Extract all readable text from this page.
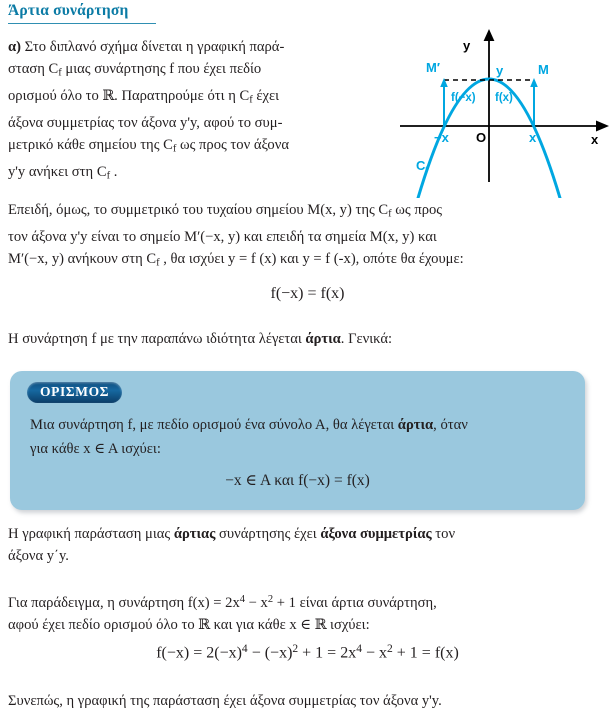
Άρτια συνάρτηση
y
x
O
M′	M
y
f(−x) f(x)
−x	x
$C_f$
α) Στο διπλανό σχήμα δίνεται η γραφική παρά-
σταση $C_f$ μιας συνάρτησης f που έχει πεδίο
ορισμού όλο το ℝ. Παρατηρούμε ότι η $C_f$ έχει
άξονα συμμετρίας τον άξονα y'y, αφού το συμ-
μετρικό κάθε σημείου της $C_f$ ως προς τον άξονα
y'y ανήκει στη $C_f$ .
Επειδή, όμως, το συμμετρικό του τυχαίου σημείου M(x, y) της $C_f$ ως προς
τον άξονα y'y είναι το σημείο M′(−x, y) και επειδή τα σημεία M(x, y) και
M′(−x, y) ανήκουν στη $C_f$ , θα ισχύει y = f (x) και y = f (-x), οπότε θα έχουμε:
f(−x) = f(x)
Η συνάρτηση f με την παραπάνω ιδιότητα λέγεται άρτια. Γενικά:
ΟΡΙΣΜΟΣ
Μια συνάρτηση f, με πεδίο ορισμού ένα σύνολο Α, θα λέγεται άρτια, όταν
για κάθε x ∈ A ισχύει:
−x ∈ A και f(−x) = f(x)
Η γραφική παράσταση μιας άρτιας συνάρτησης έχει άξονα συμμετρίας τον
άξονα y΄y.
Για παράδειγμα, η συνάρτηση $f(x) = 2x^4 - x^2 + 1$ είναι άρτια συνάρτηση,
αφού έχει πεδίο ορισμού όλο το ℝ και για κάθε x ∈ ℝ ισχύει:
$f(-x) = 2(-x)^4 - (-x)^2 + 1 = 2x^4 - x^2 + 1 = f(x)$
Συνεπώς, η γραφική της παράσταση έχει άξονα συμμετρίας τον άξονα y'y.
